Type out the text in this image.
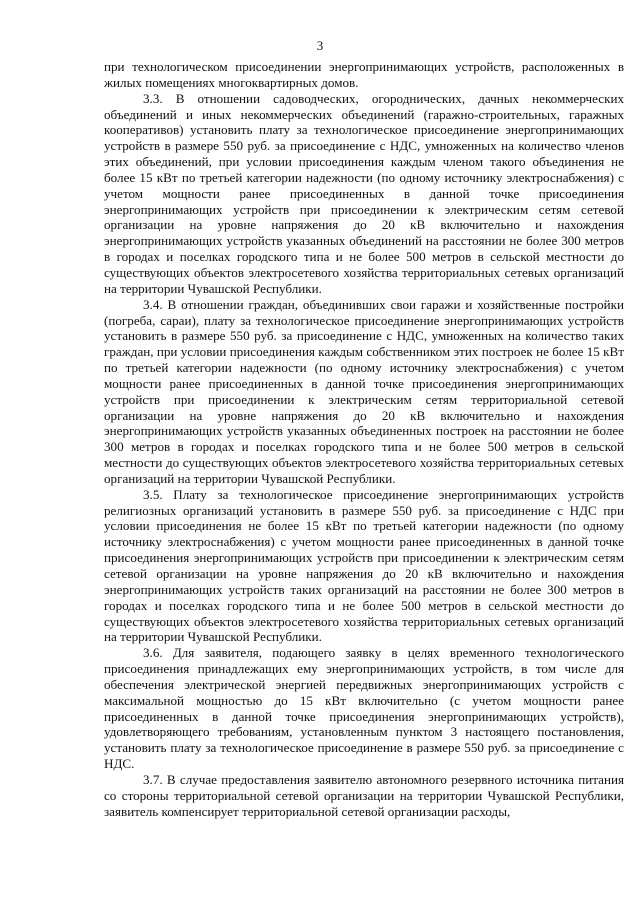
3

при технологическом присоединении энергопринимающих устройств, расположенных в жилых помещениях многоквартирных домов.

3.3. В отношении садоводческих, огороднических, дачных некоммерческих объединений и иных некоммерческих объединений (гаражно-строительных, гаражных кооперативов) установить плату за технологическое присоединение энергопринимающих устройств в размере 550 руб. за присоединение с НДС, умноженных на количество членов этих объединений, при условии присоединения каждым членом такого объединения не более 15 кВт по третьей категории надежности (по одному источнику электроснабжения) с учетом мощности ранее присоединенных в данной точке присоединения энергопринимающих устройств при присоединении к электрическим сетям сетевой организации на уровне напряжения до 20 кВ включительно и нахождения энергопринимающих устройств указанных объединений на расстоянии не более 300 метров в городах и поселках городского типа и не более 500 метров в сельской местности до существующих объектов электросетевого хозяйства территориальных сетевых организаций на территории Чувашской Республики.

3.4. В отношении граждан, объединивших свои гаражи и хозяйственные постройки (погреба, сараи), плату за технологическое присоединение энергопринимающих устройств установить в размере 550 руб. за присоединение с НДС, умноженных на количество таких граждан, при условии присоединения каждым собственником этих построек не более 15 кВт по третьей категории надежности (по одному источнику электроснабжения) с учетом мощности ранее присоединенных в данной точке присоединения энергопринимающих устройств при присоединении к электрическим сетям территориальной сетевой организации на уровне напряжения до 20 кВ включительно и нахождения энергопринимающих устройств указанных объединенных построек на расстоянии не более 300 метров в городах и поселках городского типа и не более 500 метров в сельской местности до существующих объектов электросетевого хозяйства территориальных сетевых организаций на территории Чувашской Республики.

3.5. Плату за технологическое присоединение энергопринимающих устройств религиозных организаций установить в размере 550 руб. за присоединение с НДС при условии присоединения не более 15 кВт по третьей категории надежности (по одному источнику электроснабжения) с учетом мощности ранее присоединенных в данной точке присоединения энергопринимающих устройств при присоединении к электрическим сетям сетевой организации на уровне напряжения до 20 кВ включительно и нахождения энергопринимающих устройств таких организаций на расстоянии не более 300 метров в городах и поселках городского типа и не более 500 метров в сельской местности до существующих объектов электросетевого хозяйства территориальных сетевых организаций на территории Чувашской Республики.

3.6. Для заявителя, подающего заявку в целях временного технологического присоединения принадлежащих ему энергопринимающих устройств, в том числе для обеспечения электрической энергией передвижных энергопринимающих устройств с максимальной мощностью до 15 кВт включительно (с учетом мощности ранее присоединенных в данной точке присоединения энергопринимающих устройств), удовлетворяющего требованиям, установленным пунктом 3 настоящего постановления, установить плату за технологическое присоединение в размере 550 руб. за присоединение с НДС.

3.7. В случае предоставления заявителю автономного резервного источника питания со стороны территориальной сетевой организации на территории Чувашской Республики, заявитель компенсирует территориальной сетевой организации расходы,
